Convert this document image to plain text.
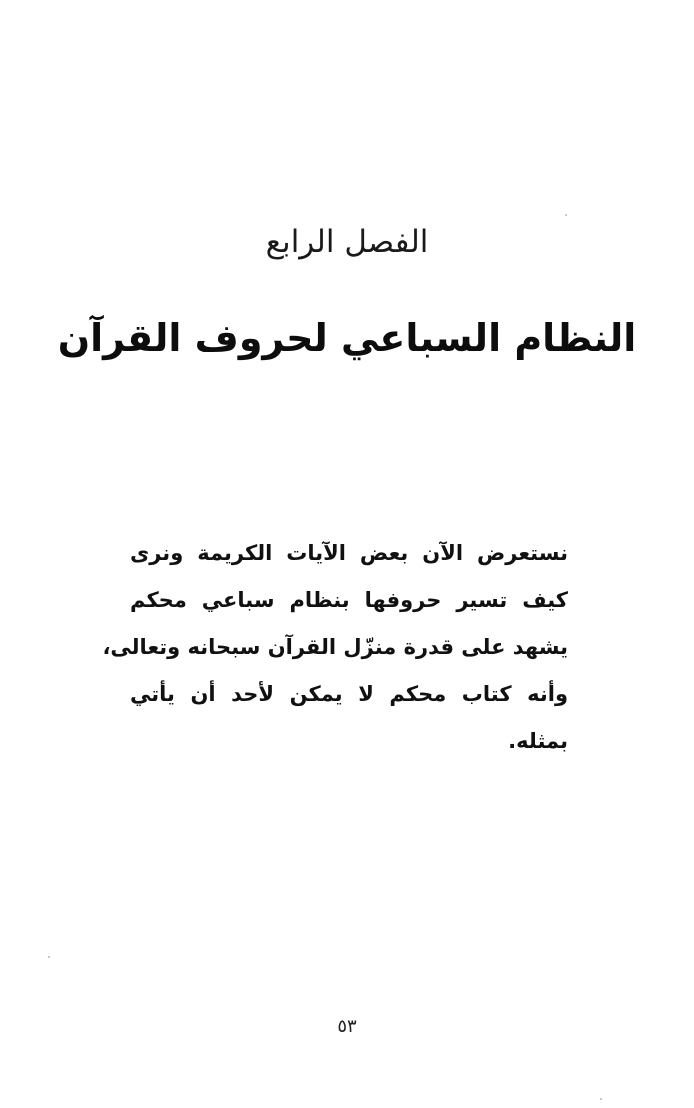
الفصل الرابع
النظام السباعي لحروف القرآن
نستعرض الآن بعض الآيات الكريمة ونرى
كيف تسير حروفها بنظام سباعي محكم
يشهد على قدرة منزّل القرآن سبحانه وتعالى،
وأنه كتاب محكم لا يمكن لأحد أن يأتي
بمثله.
٥٣
